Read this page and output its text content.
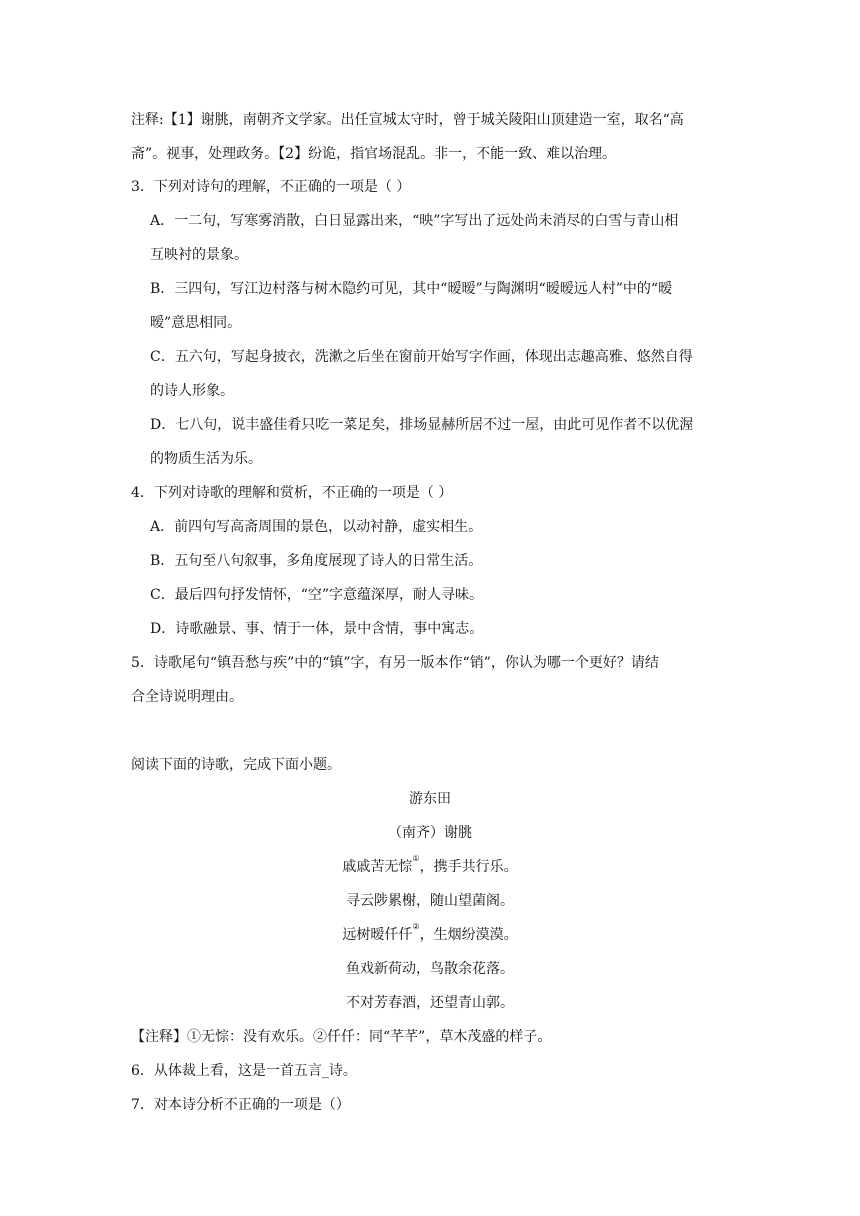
注释:【1】谢朓，南朝齐文学家。出任宣城太守时，曾于城关陵阳山顶建造一室，取名“高
斋”。视事，处理政务。【2】纷诡，指官场混乱。非一，不能一致、难以治理。
3．下列对诗句的理解，不正确的一项是（ ）
A．一二句，写寒雾消散，白日显露出来，“映”字写出了远处尚未消尽的白雪与青山相
互映衬的景象。
B．三四句，写江边村落与树木隐约可见，其中“暧暧”与陶渊明“暧暧远人村”中的“暧
暧”意思相同。
C．五六句，写起身披衣，洗漱之后坐在窗前开始写字作画，体现出志趣高雅、悠然自得
的诗人形象。
D．七八句，说丰盛佳肴只吃一菜足矣，排场显赫所居不过一屋，由此可见作者不以优渥
的物质生活为乐。
4．下列对诗歌的理解和赏析，不正确的一项是（ ）
A．前四句写高斋周围的景色，以动衬静，虚实相生。
B．五句至八句叙事，多角度展现了诗人的日常生活。
C．最后四句抒发情怀，“空”字意蕴深厚，耐人寻味。
D．诗歌融景、事、情于一体，景中含情，事中寓志。
5．诗歌尾句“镇吾愁与疾”中的“镇”字，有另一版本作“销”，你认为哪一个更好？请结
合全诗说明理由。
阅读下面的诗歌，完成下面小题。
游东田
（南齐）谢朓
戚戚苦无悰①，携手共行乐。
寻云陟累榭，随山望菌阁。
远树暧仟仟②，生烟纷漠漠。
鱼戏新荷动，鸟散余花落。
不对芳春酒，还望青山郭。
【注释】①无悰：没有欢乐。②仟仟：同“芊芊”，草木茂盛的样子。
6．从体裁上看，这是一首五言_诗。
7．对本诗分析不正确的一项是（）
